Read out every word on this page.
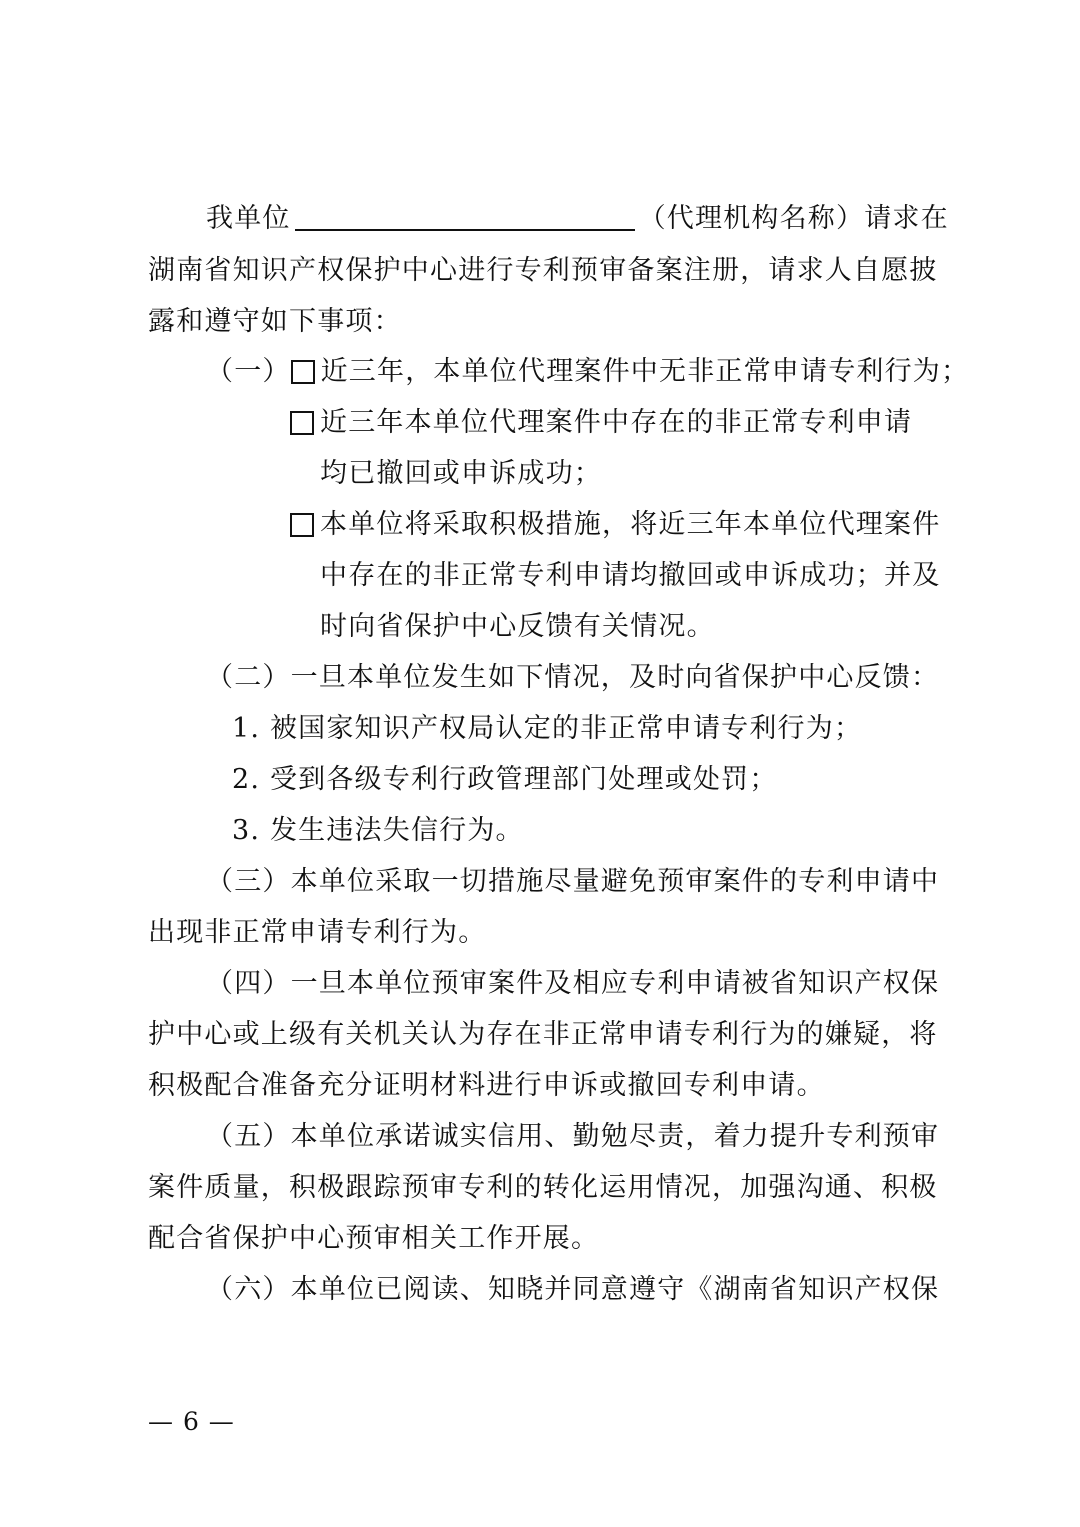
我单位	（代理机构名称）请求在
湖南省知识产权保护中心进行专利预审备案注册，请求人自愿披
露和遵守如下事项：
（一） 近三年，本单位代理案件中无非正常申请专利行为；
近三年本单位代理案件中存在的非正常专利申请
均已撤回或申诉成功；
本单位将采取积极措施，将近三年本单位代理案件
中存在的非正常专利申请均撤回或申诉成功；并及
时向省保护中心反馈有关情况。
（二）一旦本单位发生如下情况，及时向省保护中心反馈：
1. 被国家知识产权局认定的非正常申请专利行为；
2. 受到各级专利行政管理部门处理或处罚；
3. 发生违法失信行为。
（三）本单位采取一切措施尽量避免预审案件的专利申请中
出现非正常申请专利行为。
（四）一旦本单位预审案件及相应专利申请被省知识产权保
护中心或上级有关机关认为存在非正常申请专利行为的嫌疑，将
积极配合准备充分证明材料进行申诉或撤回专利申请。
（五）本单位承诺诚实信用、勤勉尽责，着力提升专利预审
案件质量，积极跟踪预审专利的转化运用情况，加强沟通、积极
配合省保护中心预审相关工作开展。
（六）本单位已阅读、知晓并同意遵守《湖南省知识产权保
— 6 —
